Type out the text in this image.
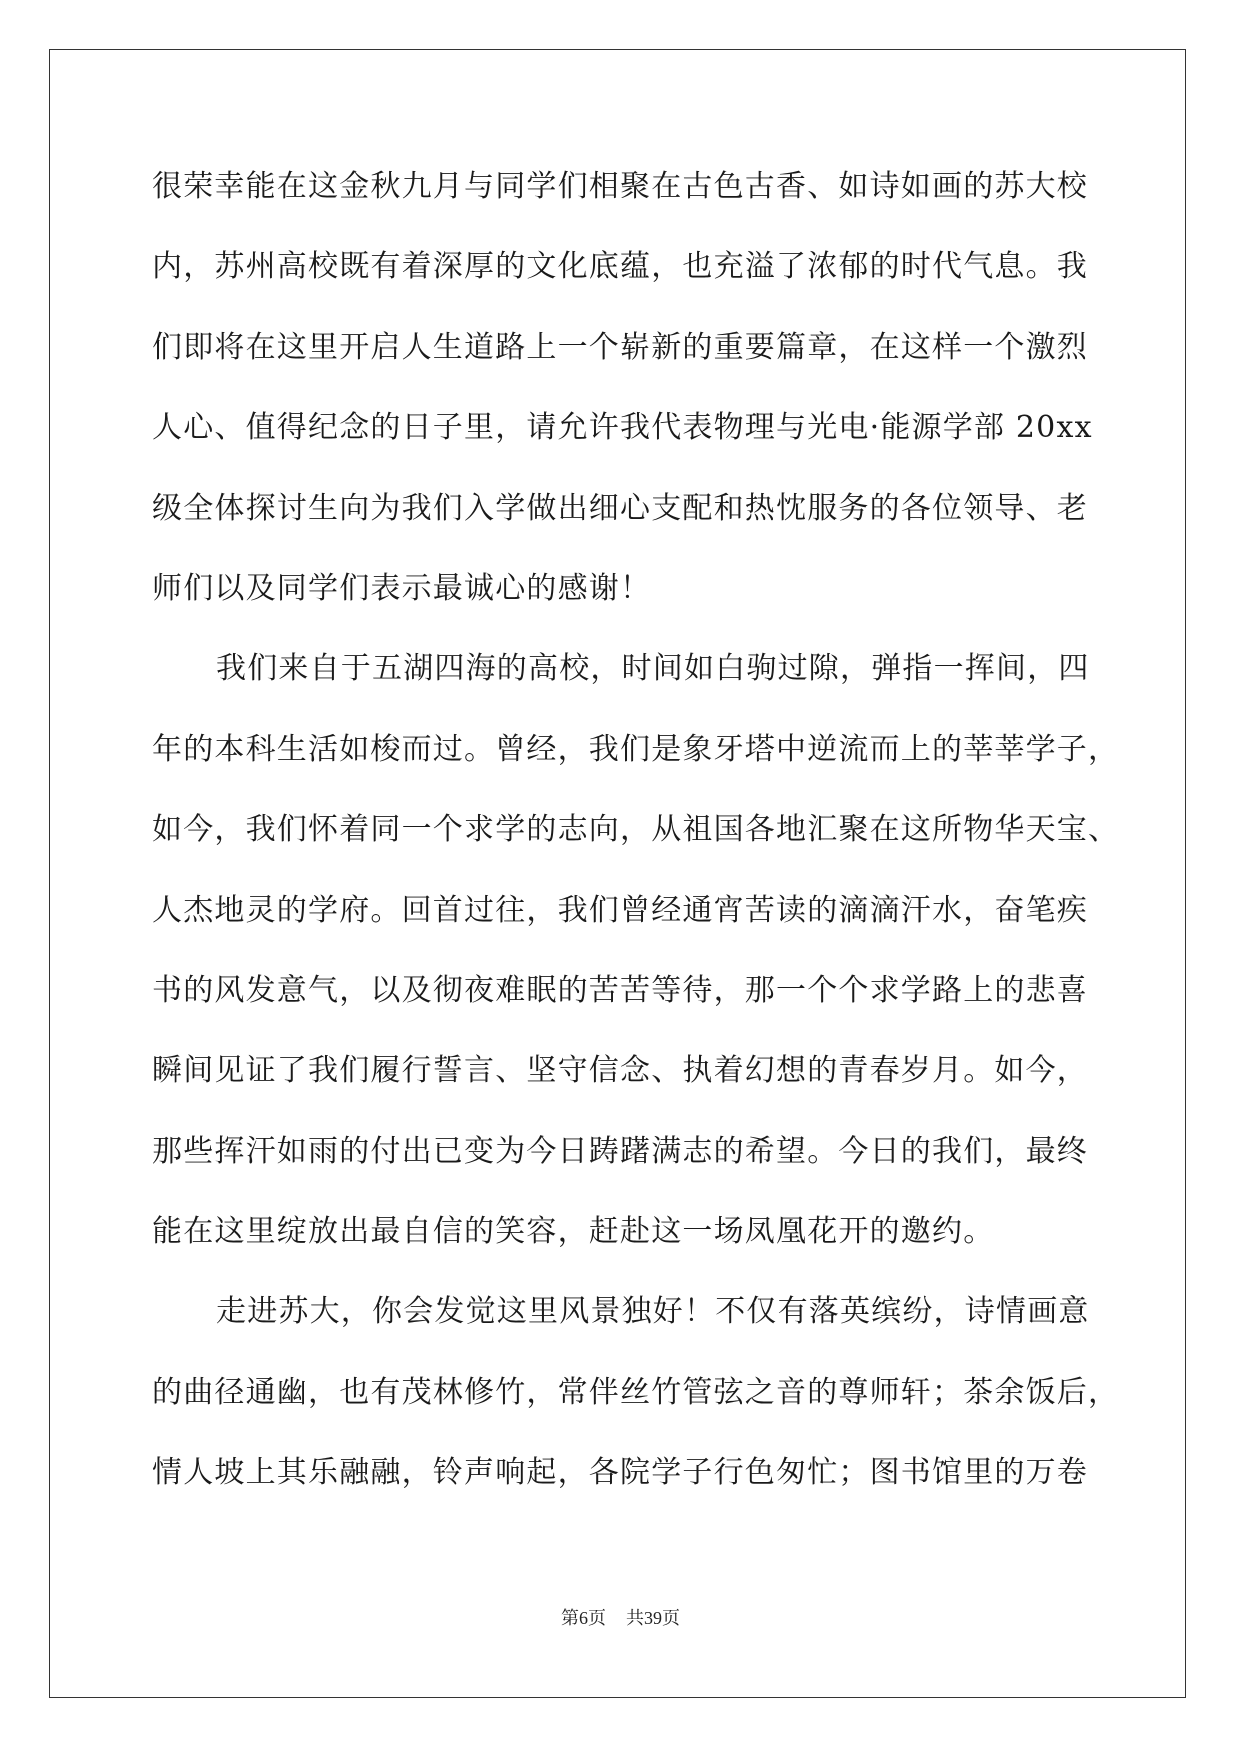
很荣幸能在这金秋九月与同学们相聚在古色古香、如诗如画的苏大校
内，苏州高校既有着深厚的文化底蕴，也充溢了浓郁的时代气息。我
们即将在这里开启人生道路上一个崭新的重要篇章，在这样一个激烈
人心、值得纪念的日子里，请允许我代表物理与光电·能源学部 20xx
级全体探讨生向为我们入学做出细心支配和热忱服务的各位领导、老
师们以及同学们表示最诚心的感谢！
我们来自于五湖四海的高校，时间如白驹过隙，弹指一挥间，四
年的本科生活如梭而过。曾经，我们是象牙塔中逆流而上的莘莘学子，
如今，我们怀着同一个求学的志向，从祖国各地汇聚在这所物华天宝、
人杰地灵的学府。回首过往，我们曾经通宵苦读的滴滴汗水，奋笔疾
书的风发意气，以及彻夜难眠的苦苦等待，那一个个求学路上的悲喜
瞬间见证了我们履行誓言、坚守信念、执着幻想的青春岁月。如今，
那些挥汗如雨的付出已变为今日踌躇满志的希望。今日的我们，最终
能在这里绽放出最自信的笑容，赶赴这一场凤凰花开的邀约。
走进苏大，你会发觉这里风景独好！不仅有落英缤纷，诗情画意
的曲径通幽，也有茂林修竹，常伴丝竹管弦之音的尊师轩；茶余饭后，
情人坡上其乐融融，铃声响起，各院学子行色匆忙；图书馆里的万卷
第6页 共39页
